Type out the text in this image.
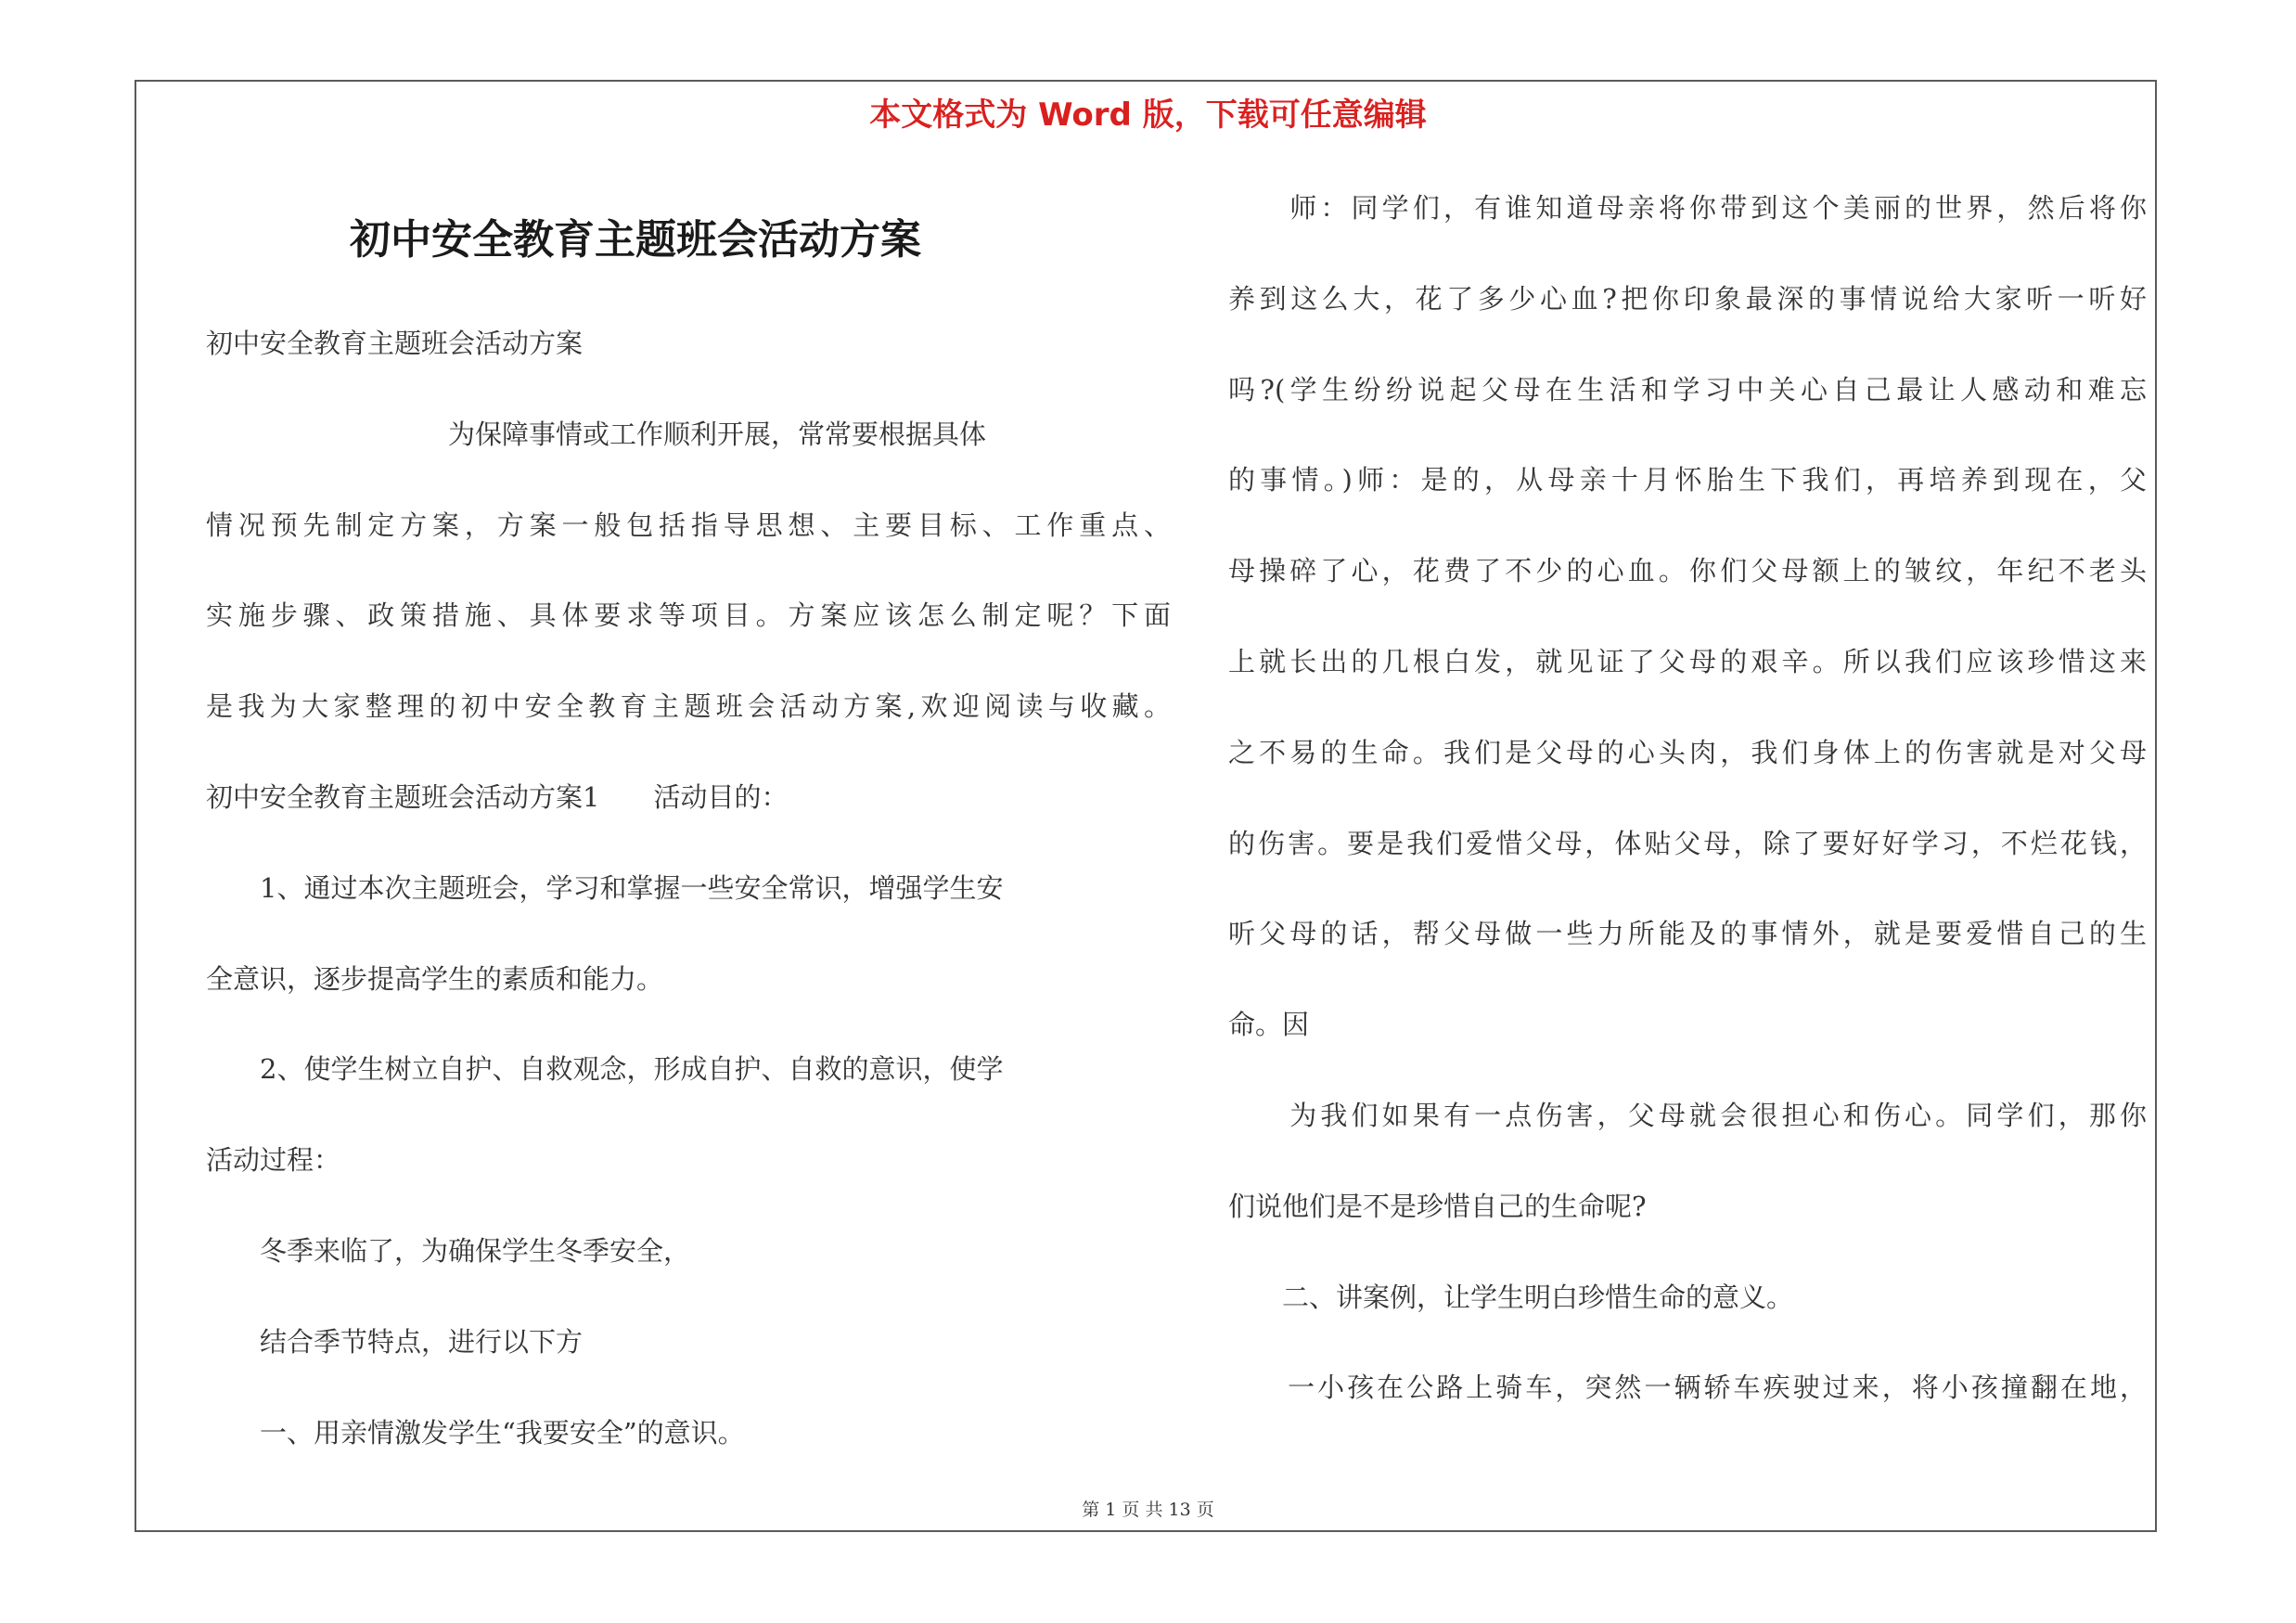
本文格式为 Word 版，下载可任意编辑
初中安全教育主题班会活动方案

初中安全教育主题班会活动方案

　　　　　　　　　为保障事情或工作顺利开展，常常要根据具体

情况预先制定方案，方案一般包括指导思想、主要目标、工作重点、

实施步骤、政策措施、具体要求等项目。方案应该怎么制定呢？下面

是我为大家整理的初中安全教育主题班会活动方案,欢迎阅读与收藏。

初中安全教育主题班会活动方案1　　活动目的：

　　1、通过本次主题班会，学习和掌握一些安全常识，增强学生安

全意识，逐步提高学生的素质和能力。

　　2、使学生树立自护、自救观念，形成自护、自救的意识，使学

活动过程：

　　冬季来临了，为确保学生冬季安全，

　　结合季节特点，进行以下方

　　一、用亲情激发学生“我要安全”的意识。

　　师：同学们，有谁知道母亲将你带到这个美丽的世界，然后将你

养到这么大，花了多少心血?把你印象最深的事情说给大家听一听好

吗?(学生纷纷说起父母在生活和学习中关心自己最让人感动和难忘

的事情。)师：是的，从母亲十月怀胎生下我们，再培养到现在，父

母操碎了心，花费了不少的心血。你们父母额上的皱纹，年纪不老头

上就长出的几根白发，就见证了父母的艰辛。所以我们应该珍惜这来

之不易的生命。我们是父母的心头肉，我们身体上的伤害就是对父母

的伤害。要是我们爱惜父母，体贴父母，除了要好好学习，不烂花钱，

听父母的话，帮父母做一些力所能及的事情外，就是要爱惜自己的生

命。因

　　为我们如果有一点伤害，父母就会很担心和伤心。同学们，那你

们说他们是不是珍惜自己的生命呢?

　　二、讲案例，让学生明白珍惜生命的意义。

　　一小孩在公路上骑车，突然一辆轿车疾驶过来，将小孩撞翻在地，

第 1 页 共 13 页
